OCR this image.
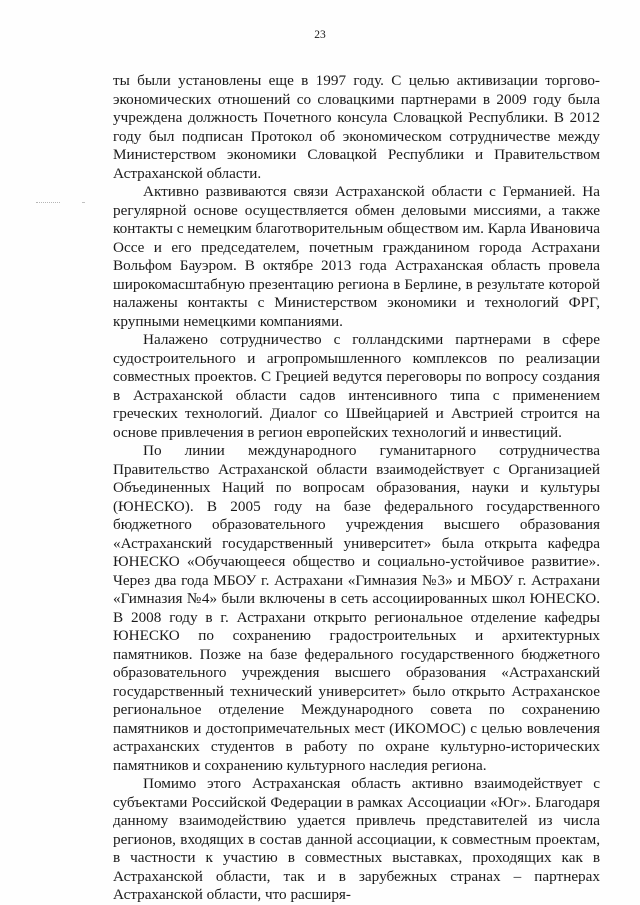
23

ты были установлены еще в 1997 году. С целью активизации торгово-экономических отношений со словацкими партнерами в 2009 году была учреждена должность Почетного консула Словацкой Республики. В 2012 году был подписан Протокол об экономическом сотрудничестве между Министерством экономики Словацкой Республики и Правительством Астраханской области.

Активно развиваются связи Астраханской области с Германией. На регулярной основе осуществляется обмен деловыми миссиями, а также контакты с немецким благотворительным обществом им. Карла Ивановича Оссе и его председателем, почетным гражданином города Астрахани Вольфом Бауэром. В октябре 2013 года Астраханская область провела широкомасштабную презентацию региона в Берлине, в результате которой налажены контакты с Министерством экономики и технологий ФРГ, крупными немецкими компаниями.

Налажено сотрудничество с голландскими партнерами в сфере судостроительного и агропромышленного комплексов по реализации совместных проектов. С Грецией ведутся переговоры по вопросу создания в Астраханской области садов интенсивного типа с применением греческих технологий. Диалог со Швейцарией и Австрией строится на основе привлечения в регион европейских технологий и инвестиций.

По линии международного гуманитарного сотрудничества Правительство Астраханской области взаимодействует с Организацией Объединенных Наций по вопросам образования, науки и культуры (ЮНЕСКО). В 2005 году на базе федерального государственного бюджетного образовательного учреждения высшего образования «Астраханский государственный университет» была открыта кафедра ЮНЕСКО «Обучающееся общество и социально-устойчивое развитие». Через два года МБОУ г. Астрахани «Гимназия №3» и МБОУ г. Астрахани «Гимназия №4» были включены в сеть ассоциированных школ ЮНЕСКО. В 2008 году в г. Астрахани открыто региональное отделение кафедры ЮНЕСКО по сохранению градостроительных и архитектурных памятников. Позже на базе федерального государственного бюджетного образовательного учреждения высшего образования «Астраханский государственный технический университет» было открыто Астраханское региональное отделение Международного совета по сохранению памятников и достопримечательных мест (ИКОМОС) с целью вовлечения астраханских студентов в работу по охране культурно-исторических памятников и сохранению культурного наследия региона.

Помимо этого Астраханская область активно взаимодействует с субъектами Российской Федерации в рамках Ассоциации «Юг». Благодаря данному взаимодействию удается привлечь представителей из числа регионов, входящих в состав данной ассоциации, к совместным проектам, в частности к участию в совместных выставках, проходящих как в Астраханской области, так и в зарубежных странах – партнерах Астраханской области, что расширя-
